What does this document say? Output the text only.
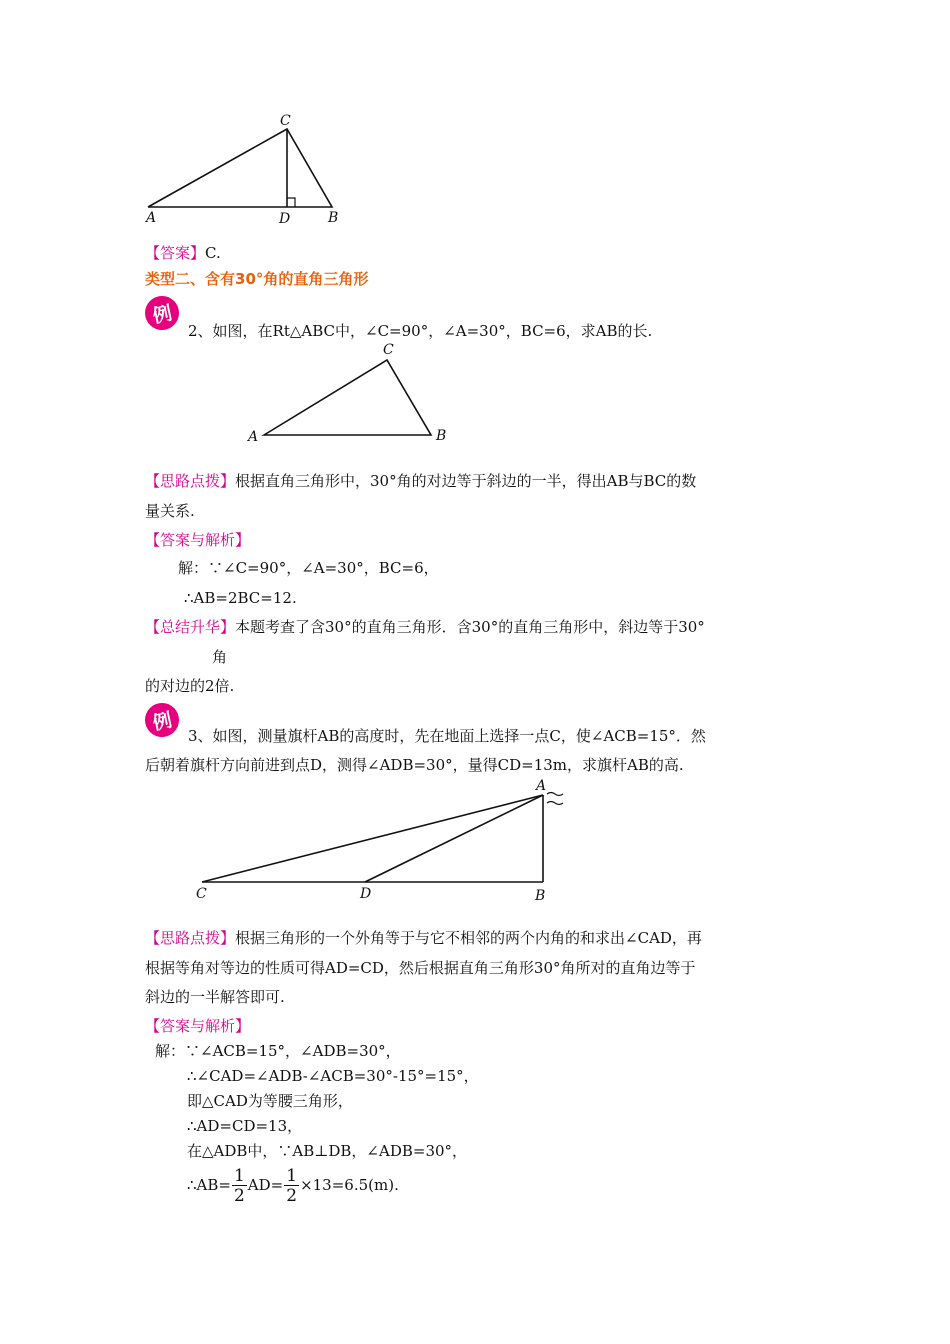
C
A	D	B
【答案】C.
类型二、含有30°角的直角三角形
例
2、如图，在Rt△ABC中，∠C=90°，∠A=30°，BC=6，求AB的长.
C
A	B
【思路点拨】根据直角三角形中，30°角的对边等于斜边的一半，得出AB与BC的数
量关系.
【答案与解析】
解：∵∠C=90°，∠A=30°，BC=6，
∴AB=2BC=12.
【总结升华】本题考查了含30°的直角三角形．含30°的直角三角形中，斜边等于30°
角
的对边的2倍.
例
3、如图，测量旗杆AB的高度时，先在地面上选择一点C，使∠ACB=15°．然
后朝着旗杆方向前进到点D，测得∠ADB=30°，量得CD=13m，求旗杆AB的高.
A
C	D	B
【思路点拨】根据三角形的一个外角等于与它不相邻的两个内角的和求出∠CAD，再
根据等角对等边的性质可得AD=CD，然后根据直角三角形30°角所对的直角边等于
斜边的一半解答即可.
【答案与解析】
解：∵∠ACB=15°，∠ADB=30°，
∴∠CAD=∠ADB-∠ACB=30°-15°=15°，
即△CAD为等腰三角形，
∴AD=CD=13，
在△ADB中，∵AB⊥DB，∠ADB=30°，
∴AB= $\frac{1}{2} AD= \frac{1}{2} \times 13=6.5(m)$.
